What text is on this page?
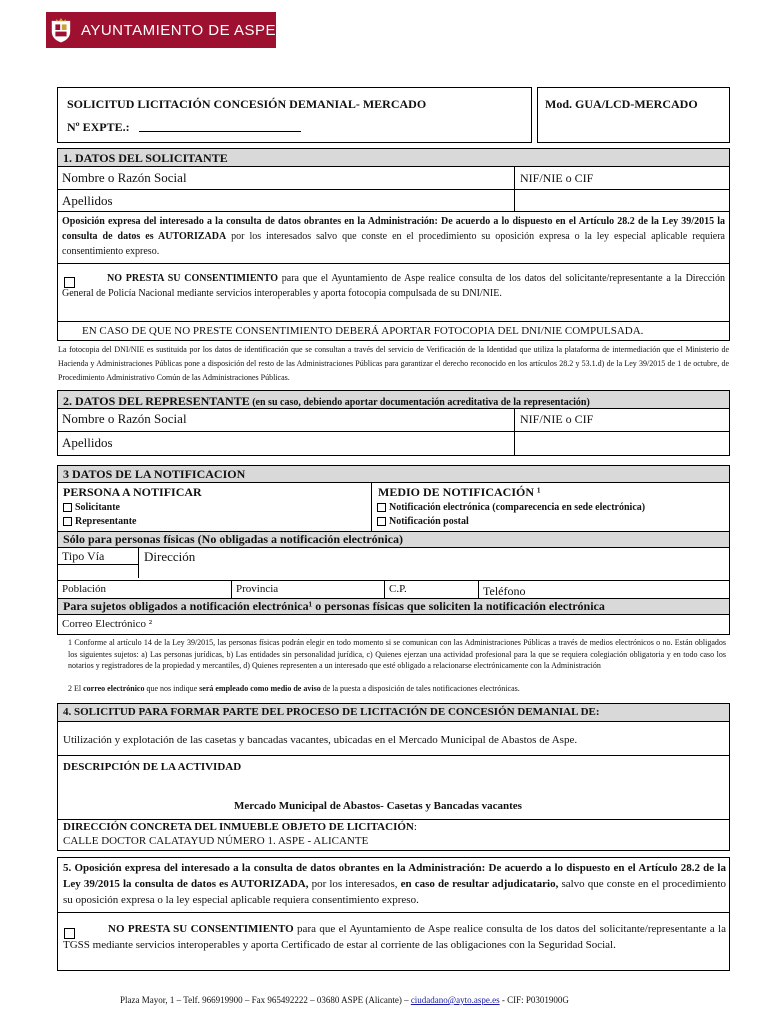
AYUNTAMIENTO DE ASPE
SOLICITUD LICITACIÓN CONCESIÓN DEMANIAL- MERCADO
Nº EXPTE.:
Mod. GUA/LCD-MERCADO
1. DATOS DEL SOLICITANTE
Nombre o Razón Social	NIF/NIE o CIF
Apellidos
Oposición expresa del interesado a la consulta de datos obrantes en la Administración: De acuerdo a lo dispuesto en el Artículo 28.2 de la Ley 39/2015 la consulta de datos es AUTORIZADA por los interesados salvo que conste en el procedimiento su oposición expresa o la ley especial aplicable requiera consentimiento expreso.
NO PRESTA SU CONSENTIMIENTO para que el Ayuntamiento de Aspe realice consulta de los datos del solicitante/representante a la Dirección General de Policía Nacional mediante servicios interoperables y aporta fotocopia compulsada de su DNI/NIE.
EN CASO DE QUE NO PRESTE CONSENTIMIENTO DEBERÁ APORTAR FOTOCOPIA DEL DNI/NIE COMPULSADA.
La fotocopia del DNI/NIE es sustituida por los datos de identificación que se consultan a través del servicio de Verificación de la Identidad que utiliza la plataforma de intermediación que el Ministerio de Hacienda y Administraciones Públicas pone a disposición del resto de las Administraciones Públicas para garantizar el derecho reconocido en los artículos 28.2 y 53.1.d) de la Ley 39/2015 de 1 de octubre, de Procedimiento Administrativo Común de las Administraciones Públicas.
2. DATOS DEL REPRESENTANTE (en su caso, debiendo aportar documentación acreditativa de la representación)
Nombre o Razón Social	NIF/NIE o CIF
Apellidos
3 DATOS DE LA NOTIFICACION
PERSONA A NOTIFICAR	MEDIO DE NOTIFICACIÓN ¹
Solicitante
Representante
Notificación electrónica (comparecencia en sede electrónica)
Notificación postal
Sólo para personas físicas (No obligadas a notificación electrónica)
Tipo Vía	Dirección
Población	Provincia	C.P.	Teléfono
Para sujetos obligados a notificación electrónica¹ o personas físicas que soliciten la notificación electrónica
Correo Electrónico ²
1 Conforme al artículo 14 de la Ley 39/2015, las personas físicas podrán elegir en todo momento si se comunican con las Administraciones Públicas a través de medios electrónicos o no. Están obligados los siguientes sujetos: a) Las personas jurídicas, b) Las entidades sin personalidad jurídica, c) Quienes ejerzan una actividad profesional para la que se requiera colegiación obligatoria y en todo caso los notarios y registradores de la propiedad y mercantiles, d) Quienes representen a un interesado que esté obligado a relacionarse electrónicamente con la Administración
2 El correo electrónico que nos indique será empleado como medio de aviso de la puesta a disposición de tales notificaciones electrónicas.
4. SOLICITUD PARA FORMAR PARTE DEL PROCESO DE LICITACIÓN DE CONCESIÓN DEMANIAL DE:
Utilización y explotación de las casetas y bancadas vacantes, ubicadas en el Mercado Municipal de Abastos de Aspe.
DESCRIPCIÓN DE LA ACTIVIDAD
Mercado Municipal de Abastos- Casetas y Bancadas vacantes
DIRECCIÓN CONCRETA DEL INMUEBLE OBJETO DE LICITACIÓN:
CALLE DOCTOR CALATAYUD NÚMERO 1. ASPE - ALICANTE
5. Oposición expresa del interesado a la consulta de datos obrantes en la Administración: De acuerdo a lo dispuesto en el Artículo 28.2 de la Ley 39/2015 la consulta de datos es AUTORIZADA, por los interesados, en caso de resultar adjudicatario, salvo que conste en el procedimiento su oposición expresa o la ley especial aplicable requiera consentimiento expreso.
NO PRESTA SU CONSENTIMIENTO para que el Ayuntamiento de Aspe realice consulta de los datos del solicitante/representante a la TGSS mediante servicios interoperables y aporta Certificado de estar al corriente de las obligaciones con la Seguridad Social.
Plaza Mayor, 1 – Telf. 966919900 – Fax 965492222 – 03680 ASPE (Alicante) – ciudadano@ayto.aspe.es - CIF: P0301900G
